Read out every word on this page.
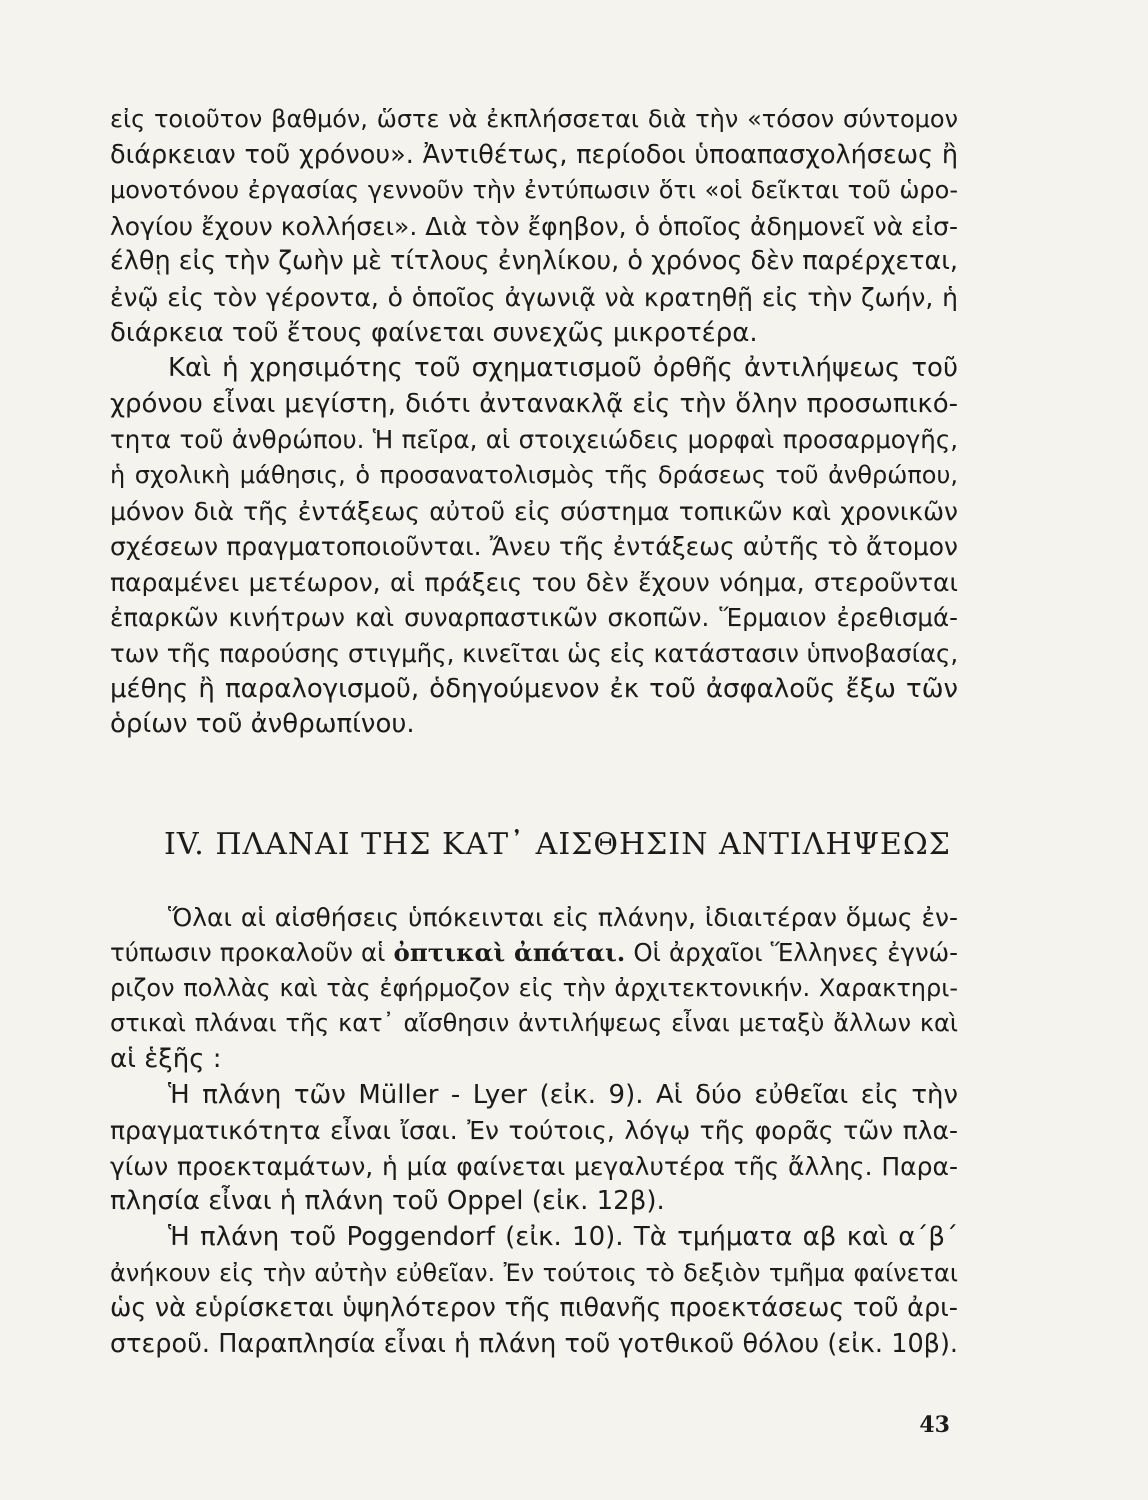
εἰς τοιοῦτον βαθμόν, ὥστε νὰ ἐκπλήσσεται διὰ τὴν «τόσον σύντομον
διάρκειαν τοῦ χρόνου». Ἀντιθέτως, περίοδοι ὑποαπασχολήσεως ἢ
μονοτόνου ἐργασίας γεννοῦν τὴν ἐντύπωσιν ὅτι «οἱ δεῖκται τοῦ ὡρο-
λογίου ἔχουν κολλήσει». Διὰ τὸν ἔφηβον, ὁ ὁποῖος ἀδημονεῖ νὰ εἰσ-
έλθῃ εἰς τὴν ζωὴν μὲ τίτλους ἐνηλίκου, ὁ χρόνος δὲν παρέρχεται,
ἐνῷ εἰς τὸν γέροντα, ὁ ὁποῖος ἀγωνιᾷ νὰ κρατηθῇ εἰς τὴν ζωήν, ἡ
διάρκεια τοῦ ἔτους φαίνεται συνεχῶς μικροτέρα.
Καὶ ἡ χρησιμότης τοῦ σχηματισμοῦ ὀρθῆς ἀντιλήψεως τοῦ
χρόνου εἶναι μεγίστη, διότι ἀντανακλᾷ εἰς τὴν ὅλην προσωπικό-
τητα τοῦ ἀνθρώπου. Ἡ πεῖρα, αἱ στοιχειώδεις μορφαὶ προσαρμογῆς,
ἡ σχολικὴ μάθησις, ὁ προσανατολισμὸς τῆς δράσεως τοῦ ἀνθρώπου,
μόνον διὰ τῆς ἐντάξεως αὐτοῦ εἰς σύστημα τοπικῶν καὶ χρονικῶν
σχέσεων πραγματοποιοῦνται. Ἄνευ τῆς ἐντάξεως αὐτῆς τὸ ἄτομον
παραμένει μετέωρον, αἱ πράξεις του δὲν ἔχουν νόημα, στεροῦνται
ἐπαρκῶν κινήτρων καὶ συναρπαστικῶν σκοπῶν. Ἕρμαιον ἐρεθισμά-
των τῆς παρούσης στιγμῆς, κινεῖται ὡς εἰς κατάστασιν ὑπνοβασίας,
μέθης ἢ παραλογισμοῦ, ὁδηγούμενον ἐκ τοῦ ἀσφαλοῦς ἔξω τῶν
ὁρίων τοῦ ἀνθρωπίνου.
IV. ΠΛΑΝΑΙ ΤΗΣ ΚΑΤ᾽ ΑΙΣΘΗΣΙΝ ΑΝΤΙΛΗΨΕΩΣ
Ὅλαι αἱ αἰσθήσεις ὑπόκεινται εἰς πλάνην, ἰδιαιτέραν ὅμως ἐν-
τύπωσιν προκαλοῦν αἱ ὀπτικαὶ ἀπάται. Οἱ ἀρχαῖοι Ἕλληνες ἐγνώ-
ριζον πολλὰς καὶ τὰς ἐφήρμοζον εἰς τὴν ἀρχιτεκτονικήν. Χαρακτηρι-
στικαὶ πλάναι τῆς κατ᾽ αἴσθησιν ἀντιλήψεως εἶναι μεταξὺ ἄλλων καὶ
αἱ ἑξῆς :
Ἡ πλάνη τῶν Müller - Lyer (εἰκ. 9). Αἱ δύο εὐθεῖαι εἰς τὴν
πραγματικότητα εἶναι ἴσαι. Ἐν τούτοις, λόγῳ τῆς φορᾶς τῶν πλα-
γίων προεκταμάτων, ἡ μία φαίνεται μεγαλυτέρα τῆς ἄλλης. Παρα-
πλησία εἶναι ἡ πλάνη τοῦ Oppel (εἰκ. 12β).
Ἡ πλάνη τοῦ Poggendorf (εἰκ. 10). Τὰ τμήματα αβ καὶ α΄β΄
ἀνήκουν εἰς τὴν αὐτὴν εὐθεῖαν. Ἐν τούτοις τὸ δεξιὸν τμῆμα φαίνεται
ὡς νὰ εὑρίσκεται ὑψηλότερον τῆς πιθανῆς προεκτάσεως τοῦ ἀρι-
στεροῦ. Παραπλησία εἶναι ἡ πλάνη τοῦ γοτθικοῦ θόλου (εἰκ. 10β).
43
